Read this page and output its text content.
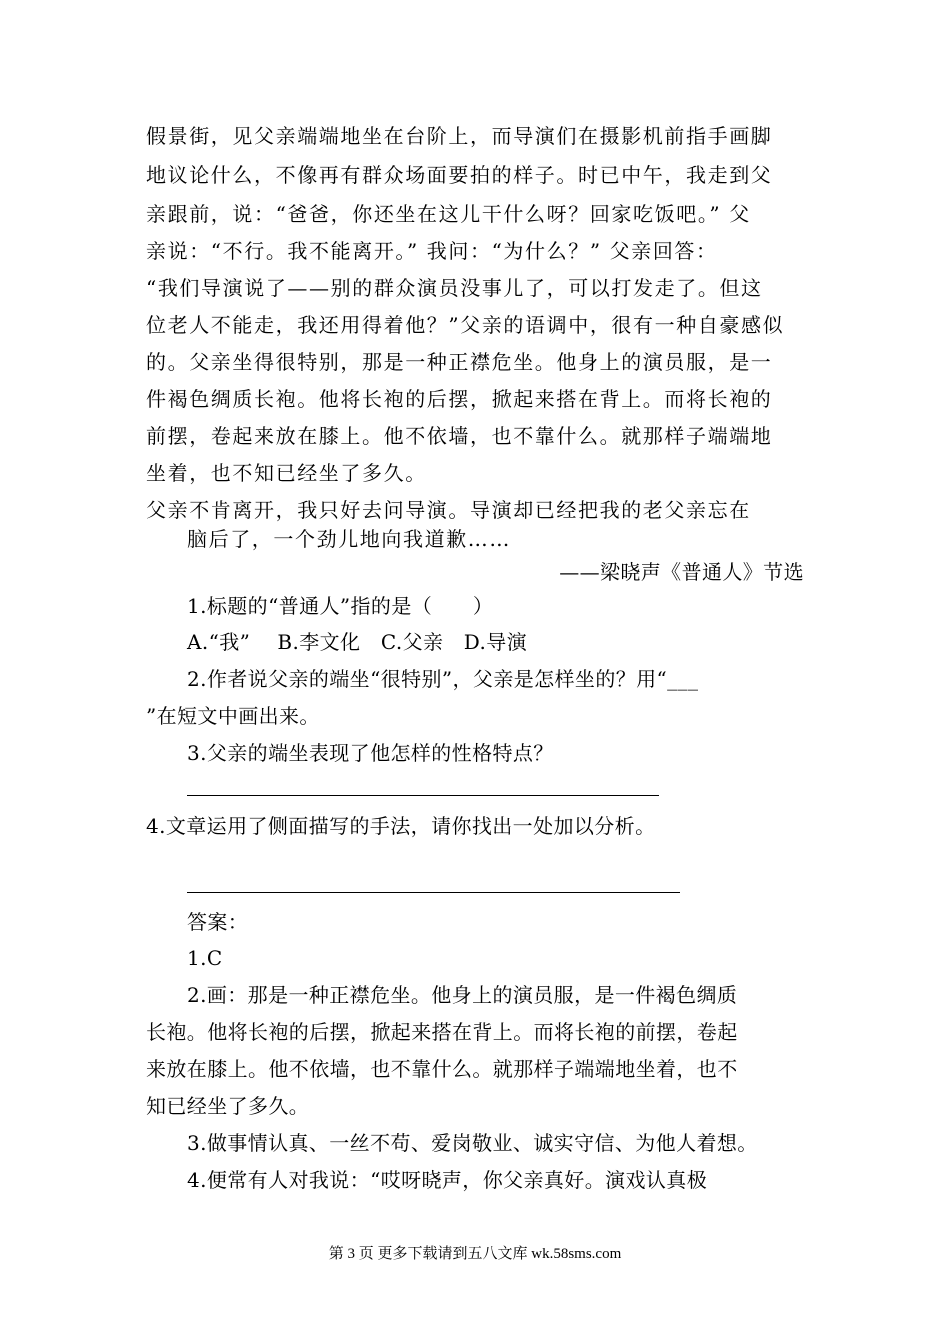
假景街，见父亲端端地坐在台阶上，而导演们在摄影机前指手画脚
地议论什么，不像再有群众场面要拍的样子。时已中午，我走到父
亲跟前，说：“爸爸，你还坐在这儿干什么呀？回家吃饭吧。” 父
亲说：“不行。我不能离开。” 我问：“为什么？” 父亲回答：
“我们导演说了——别的群众演员没事儿了，可以打发走了。但这
位老人不能走，我还用得着他？”父亲的语调中，很有一种自豪感似
的。父亲坐得很特别，那是一种正襟危坐。他身上的演员服，是一
件褐色绸质长袍。他将长袍的后摆，掀起来搭在背上。而将长袍的
前摆，卷起来放在膝上。他不依墙，也不靠什么。就那样子端端地
坐着，也不知已经坐了多久。
父亲不肯离开，我只好去问导演。导演却已经把我的老父亲忘在
脑后了，一个劲儿地向我道歉……
——梁晓声《普通人》节选
1.标题的“普通人”指的是（　　）
A.“我”　 B.李文化　C.父亲　D.导演
2.作者说父亲的端坐“很特别”，父亲是怎样坐的？用“___
”在短文中画出来。
3.父亲的端坐表现了他怎样的性格特点？
4.文章运用了侧面描写的手法，请你找出一处加以分析。
答案：
1.C
2.画：那是一种正襟危坐。他身上的演员服，是一件褐色绸质
长袍。他将长袍的后摆，掀起来搭在背上。而将长袍的前摆，卷起
来放在膝上。他不依墙，也不靠什么。就那样子端端地坐着，也不
知已经坐了多久。
3.做事情认真、一丝不苟、爱岗敬业、诚实守信、为他人着想。
4.便常有人对我说：“哎呀晓声，你父亲真好。演戏认真极
第 3 页 更多下载请到五八文库 wk.58sms.com
